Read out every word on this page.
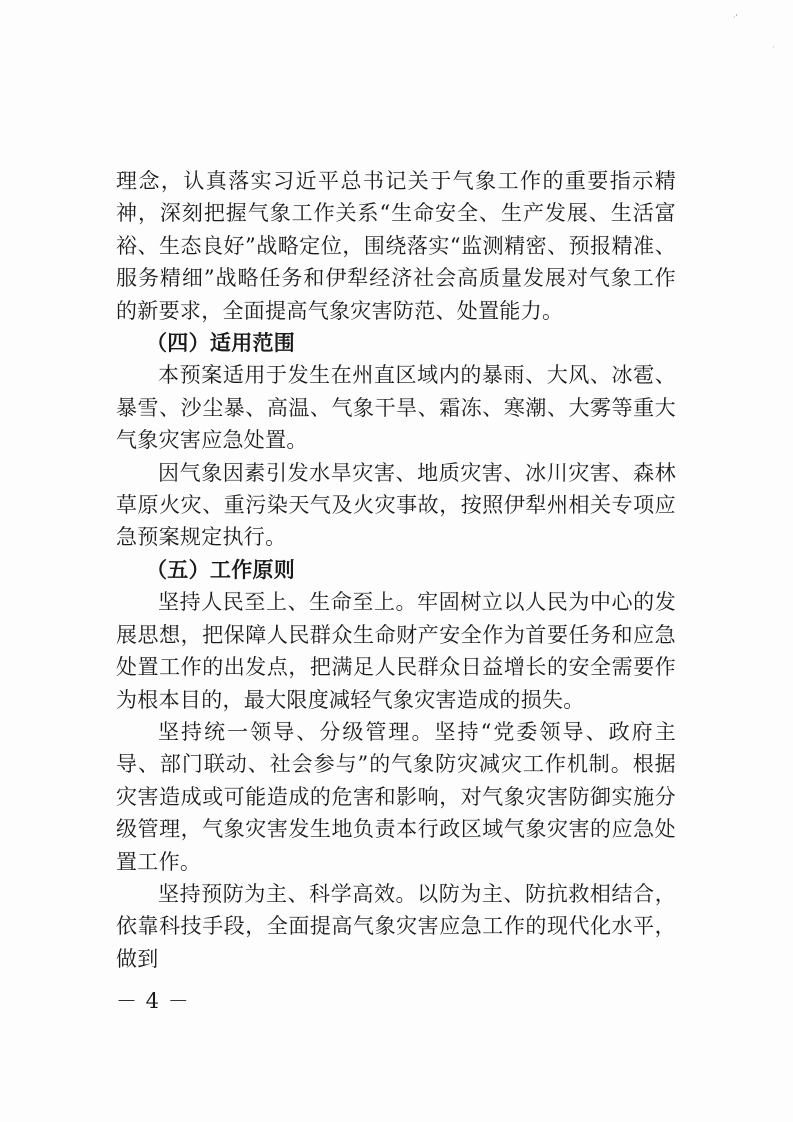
·'
·

理念，认真落实习近平总书记关于气象工作的重要指示精神，深刻把握气象工作关系“生命安全、生产发展、生活富裕、生态良好”战略定位，围绕落实“监测精密、预报精准、服务精细”战略任务和伊犁经济社会高质量发展对气象工作的新要求，全面提高气象灾害防范、处置能力。

（四）适用范围

本预案适用于发生在州直区域内的暴雨、大风、冰雹、暴雪、沙尘暴、高温、气象干旱、霜冻、寒潮、大雾等重大气象灾害应急处置。

因气象因素引发水旱灾害、地质灾害、冰川灾害、森林草原火灾、重污染天气及火灾事故，按照伊犁州相关专项应急预案规定执行。

（五）工作原则

坚持人民至上、生命至上。牢固树立以人民为中心的发展思想，把保障人民群众生命财产安全作为首要任务和应急处置工作的出发点，把满足人民群众日益增长的安全需要作为根本目的，最大限度减轻气象灾害造成的损失。

坚持统一领导、分级管理。坚持“党委领导、政府主导、部门联动、社会参与”的气象防灾减灾工作机制。根据灾害造成或可能造成的危害和影响，对气象灾害防御实施分级管理，气象灾害发生地负责本行政区域气象灾害的应急处置工作。

坚持预防为主、科学高效。以防为主、防抗救相结合，依靠科技手段，全面提高气象灾害应急工作的现代化水平，做到

－ 4 －
